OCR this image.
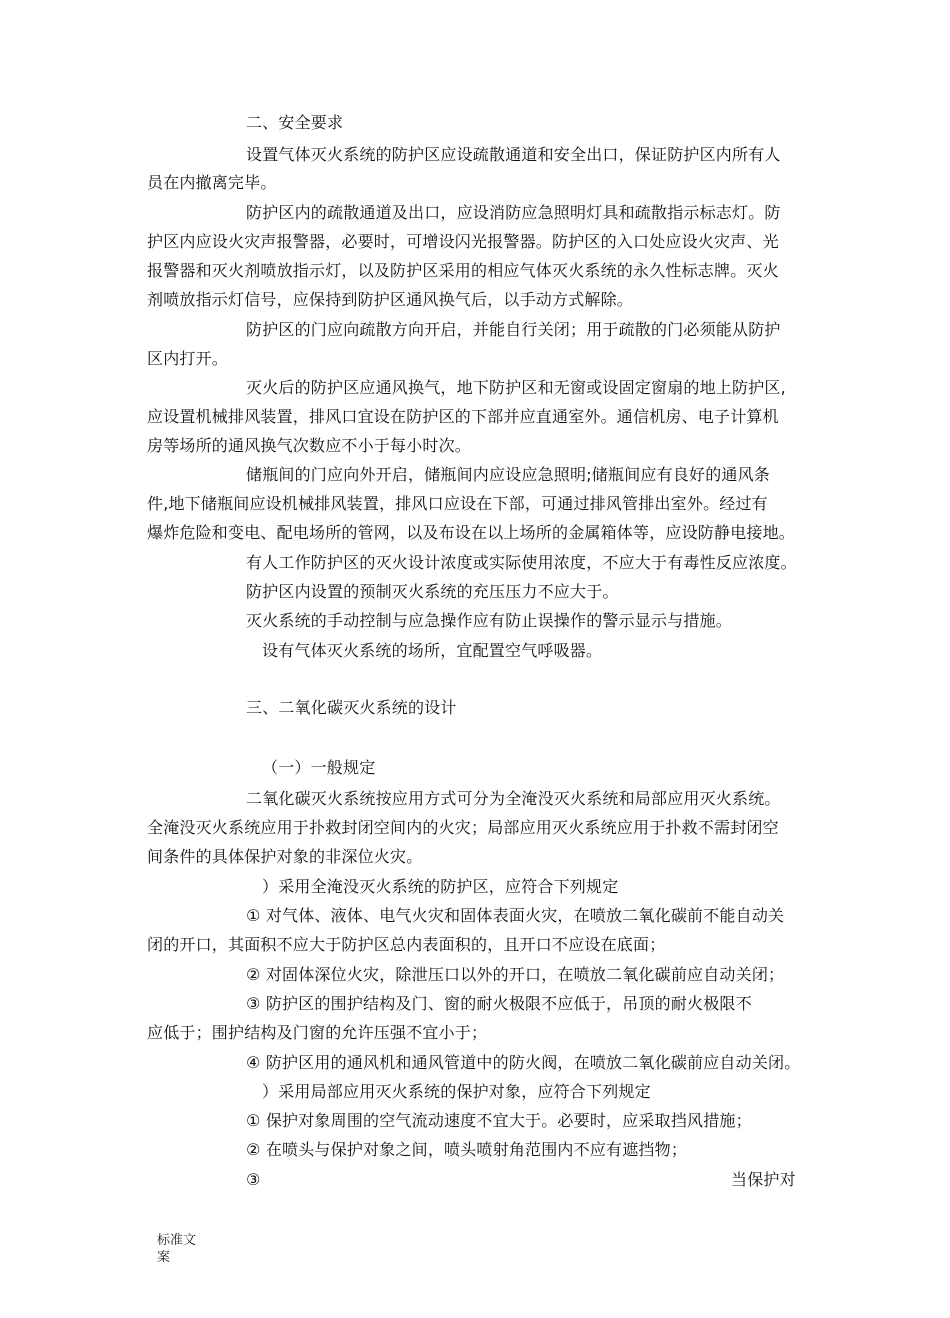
二、安全要求
设置气体灭火系统的防护区应设疏散通道和安全出口，保证防护区内所有人
员在内撤离完毕。
防护区内的疏散通道及出口，应设消防应急照明灯具和疏散指示标志灯。防
护区内应设火灾声报警器，必要时，可增设闪光报警器。防护区的入口处应设火灾声、光
报警器和灭火剂喷放指示灯，以及防护区采用的相应气体灭火系统的永久性标志牌。灭火
剂喷放指示灯信号，应保持到防护区通风换气后，以手动方式解除。
防护区的门应向疏散方向开启，并能自行关闭；用于疏散的门必须能从防护
区内打开。
灭火后的防护区应通风换气，地下防护区和无窗或设固定窗扇的地上防护区,
应设置机械排风装置，排风口宜设在防护区的下部并应直通室外。通信机房、电子计算机
房等场所的通风换气次数应不小于每小时次。
储瓶间的门应向外开启，储瓶间内应设应急照明;储瓶间应有良好的通风条
件,地下储瓶间应设机械排风装置，排风口应设在下部，可通过排风管排出室外。经过有
爆炸危险和变电、配电场所的管网，以及布设在以上场所的金属箱体等，应设防静电接地。
有人工作防护区的灭火设计浓度或实际使用浓度，不应大于有毒性反应浓度。
防护区内设置的预制灭火系统的充压压力不应大于。
灭火系统的手动控制与应急操作应有防止误操作的警示显示与措施。
设有气体灭火系统的场所，宜配置空气呼吸器。
三、二氧化碳灭火系统的设计
（一）一般规定
二氧化碳灭火系统按应用方式可分为全淹没灭火系统和局部应用灭火系统。
全淹没灭火系统应用于扑救封闭空间内的火灾；局部应用灭火系统应用于扑救不需封闭空
间条件的具体保护对象的非深位火灾。
）采用全淹没灭火系统的防护区，应符合下列规定
① 对气体、液体、电气火灾和固体表面火灾，在喷放二氧化碳前不能自动关
闭的开口，其面积不应大于防护区总内表面积的，且开口不应设在底面；
② 对固体深位火灾，除泄压口以外的开口，在喷放二氧化碳前应自动关闭；
③ 防护区的围护结构及门、窗的耐火极限不应低于，吊顶的耐火极限不
应低于；围护结构及门窗的允许压强不宜小于；
④ 防护区用的通风机和通风管道中的防火阀，在喷放二氧化碳前应自动关闭。
）采用局部应用灭火系统的保护对象，应符合下列规定
① 保护对象周围的空气流动速度不宜大于。必要时，应采取挡风措施；
② 在喷头与保护对象之间，喷头喷射角范围内不应有遮挡物；
③	当保护对
标准文
案
